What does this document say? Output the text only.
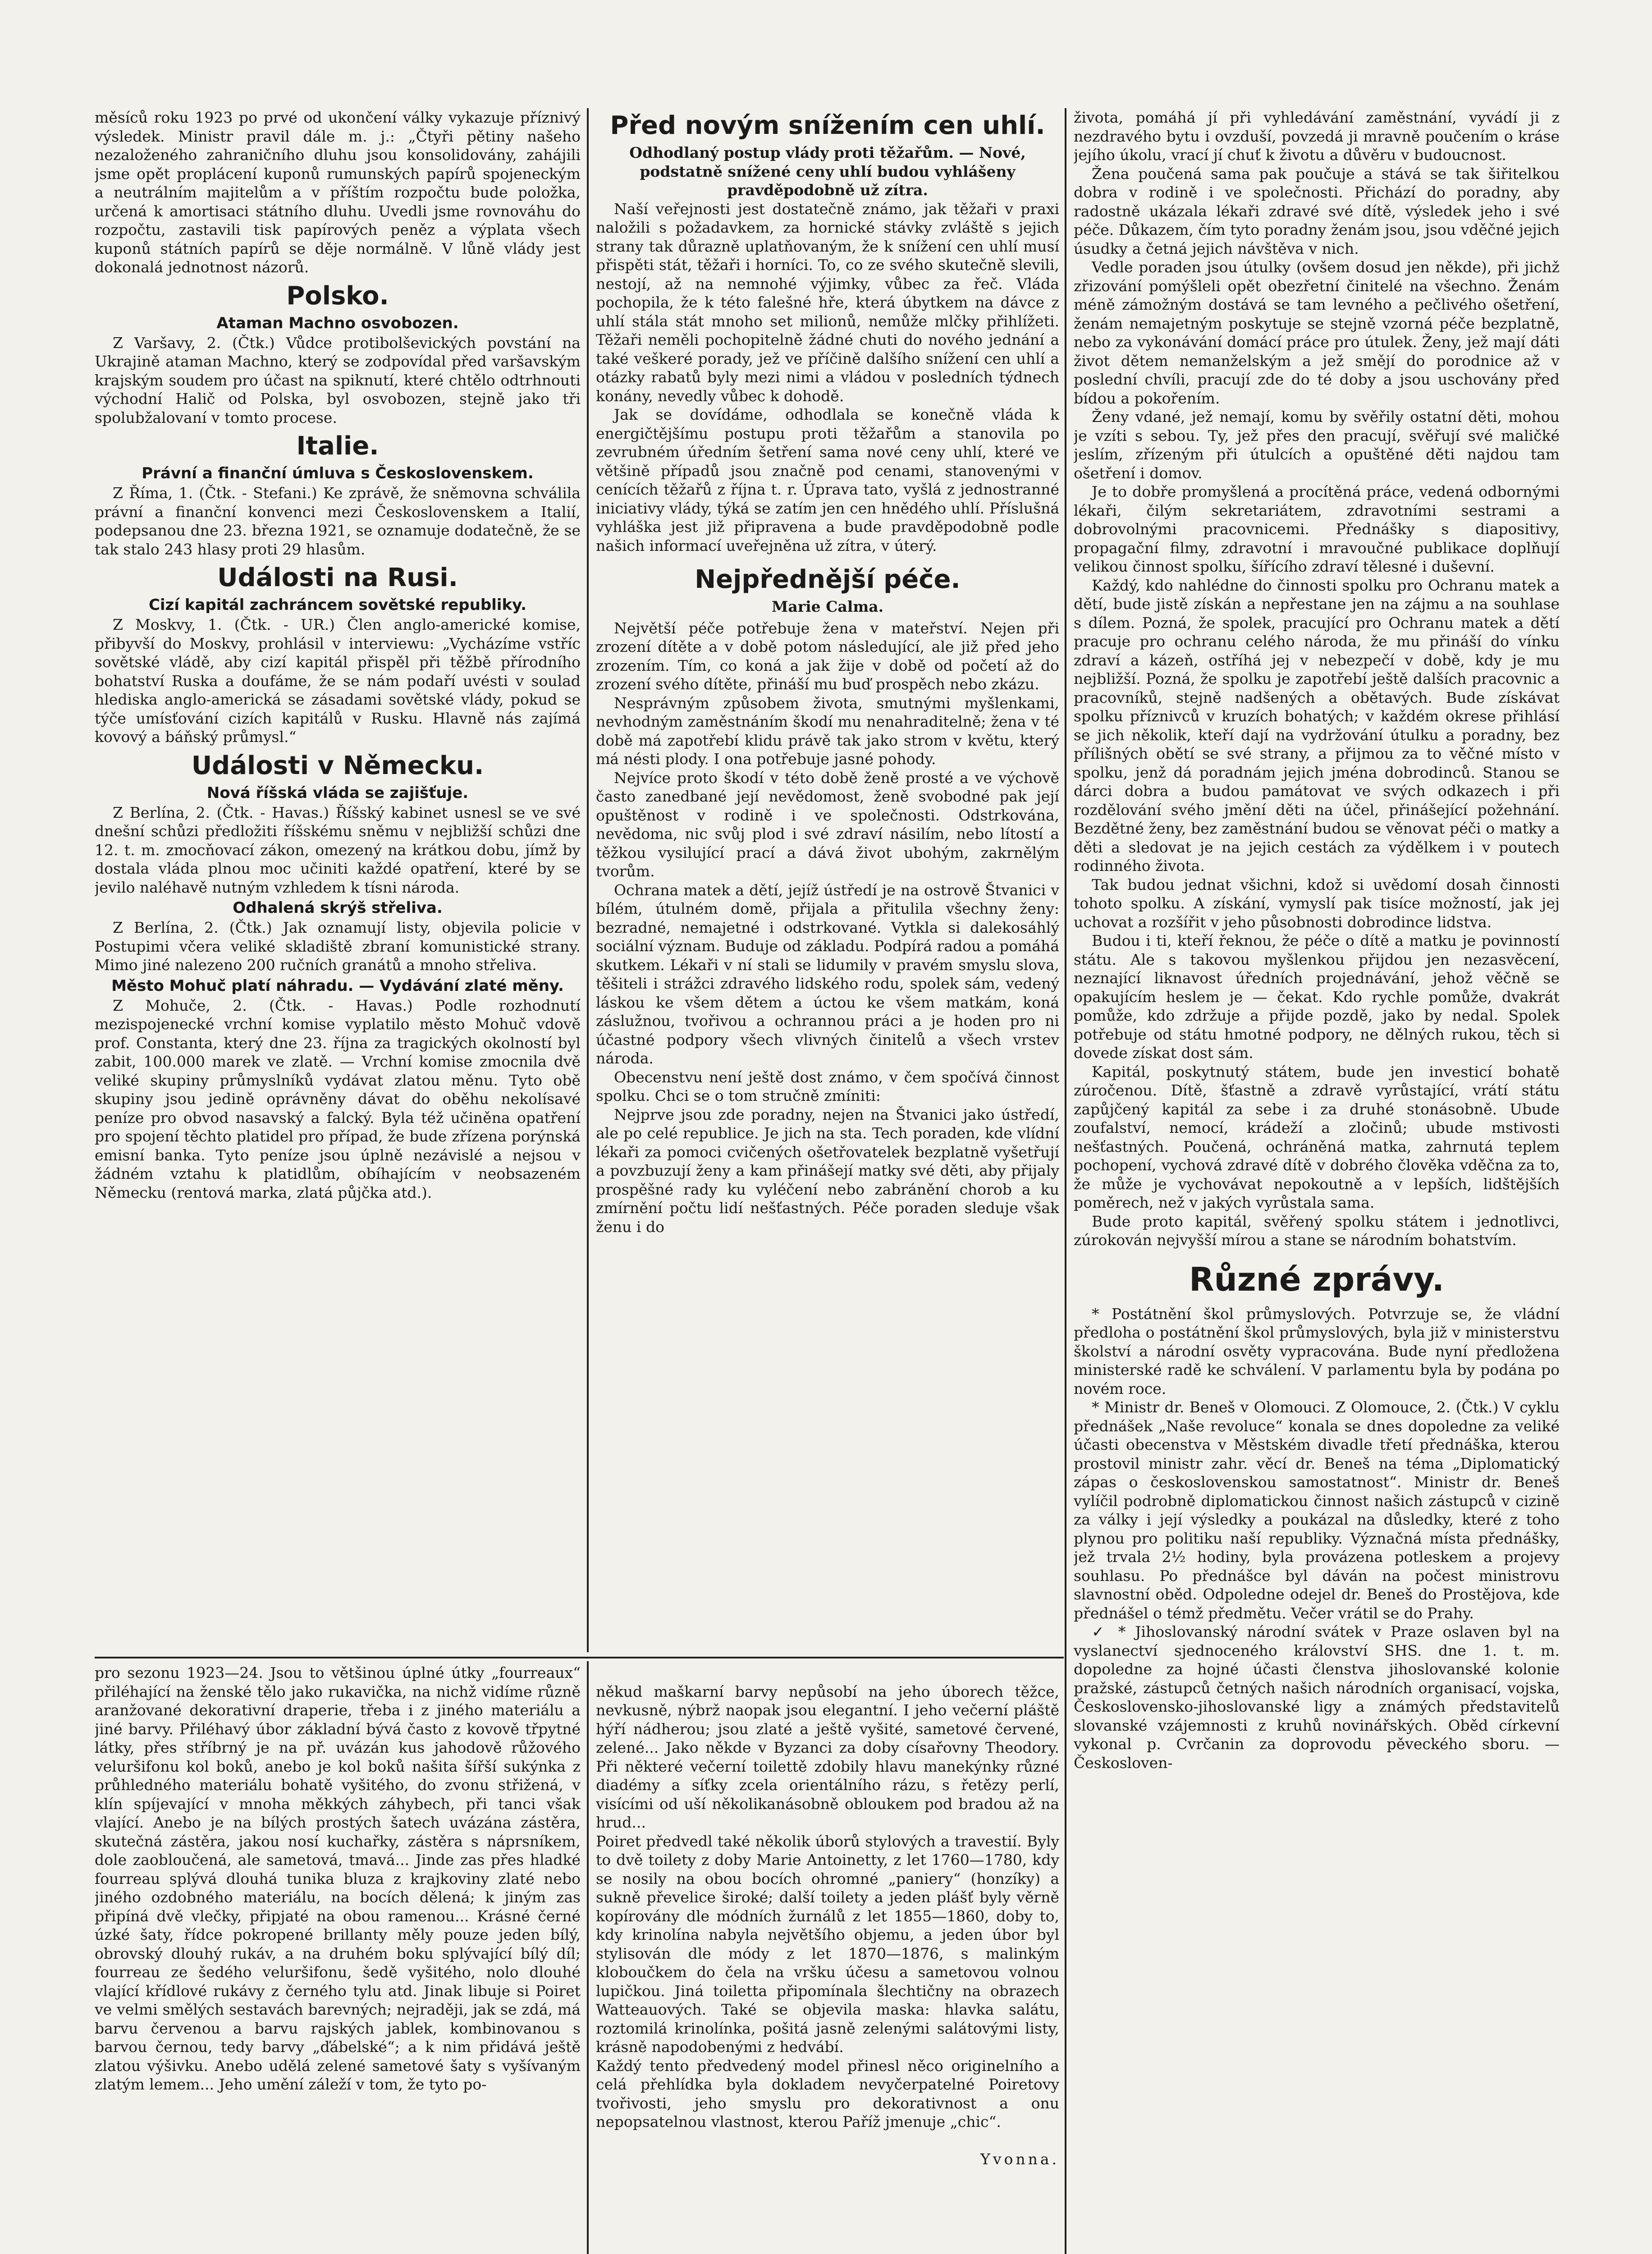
měsíců roku 1923 po prvé od ukončení války vykazuje příznivý výsledek. Ministr pravil dále m. j.: „Čtyři pětiny našeho nezaloženého zahraničního dluhu jsou konsolidovány, zahájili jsme opět proplácení kuponů rumunských papírů spojeneckým a neutrálním majitelům a v příštím rozpočtu bude položka, určená k amortisaci státního dluhu. Uvedli jsme rovnováhu do rozpočtu, zastavili tisk papírových peněz a výplata všech kuponů státních papírů se děje normálně. V lůně vlády jest dokonalá jednotnost názorů.

Polsko.
Ataman Machno osvobozen.

Z Varšavy, 2. (Čtk.) Vůdce protibolševických povstání na Ukrajině ataman Machno, který se zodpovídal před varšavským krajským soudem pro účast na spiknutí, které chtělo odtrhnouti východní Halič od Polska, byl osvobozen, stejně jako tři spolubžalovaní v tomto procese.

Italie.
Právní a finanční úmluva s Československem.

Z Říma, 1. (Čtk. - Stefani.) Ke zprávě, že sněmovna schválila právní a finanční konvenci mezi Československem a Italií, podepsanou dne 23. března 1921, se oznamuje dodatečně, že se tak stalo 243 hlasy proti 29 hlasům.

Události na Rusi.
Cizí kapitál zachráncem sovětské republiky.

Z Moskvy, 1. (Čtk. - UR.) Člen anglo-americké komise, přibyvší do Moskvy, prohlásil v interviewu: „Vycházíme vstříc sovětské vládě, aby cizí kapitál přispěl při těžbě přírodního bohatství Ruska a doufáme, že se nám podaří uvésti v soulad hlediska anglo-americká se zásadami sovětské vlády, pokud se týče umísťování cizích kapitálů v Rusku. Hlavně nás zajímá kovový a báňský průmysl.“

Události v Německu.
Nová říšská vláda se zajišťuje.

Z Berlína, 2. (Čtk. - Havas.) Říšský kabinet usnesl se ve své dnešní schůzi předložiti říšskému sněmu v nejbližší schůzi dne 12. t. m. zmocňovací zákon, omezený na krátkou dobu, jímž by dostala vláda plnou moc učiniti každé opatření, které by se jevilo naléhavě nutným vzhledem k tísni národa.

Odhalená skrýš střeliva.

Z Berlína, 2. (Čtk.) Jak oznamují listy, objevila policie v Postupimi včera veliké skladiště zbraní komunistické strany. Mimo jiné nalezeno 200 ručních granátů a mnoho střeliva.

Město Mohuč platí náhradu. — Vydávání zlaté měny.

Z Mohuče, 2. (Čtk. - Havas.) Podle rozhodnutí mezispojenecké vrchní komise vyplatilo město Mohuč vdově prof. Constanta, který dne 23. října za tragických okolností byl zabit, 100.000 marek ve zlatě. — Vrchní komise zmocnila dvě veliké skupiny průmyslníků vydávat zlatou měnu. Tyto obě skupiny jsou jedině oprávněny dávat do oběhu nekolísavé peníze pro obvod nasavský a falcký. Byla též učiněna opatření pro spojení těchto platidel pro případ, že bude zřízena porýnská emisní banka. Tyto peníze jsou úplně nezávislé a nejsou v žádném vztahu k platidlům, obíhajícím v neobsazeném Německu (rentová marka, zlatá půjčka atd.).

Před novým snížením cen uhlí.

Odhodlaný postup vlády proti těžařům. — Nové, podstatně snížené ceny uhlí budou vyhlášeny pravděpodobně už zítra.

Naší veřejnosti jest dostatečně známo, jak těžaři v praxi naložili s požadavkem, za hornické stávky zvláště s jejich strany tak důrazně uplatňovaným, že k snížení cen uhlí musí přispěti stát, těžaři i horníci. To, co ze svého skutečně slevili, nestojí, až na nemnohé výjimky, vůbec za řeč. Vláda pochopila, že k této falešné hře, která úbytkem na dávce z uhlí stála stát mnoho set milionů, nemůže mlčky přihlížeti. Těžaři neměli pochopitelně žádné chuti do nového jednání a také veškeré porady, jež ve příčině dalšího snížení cen uhlí a otázky rabatů byly mezi nimi a vládou v posledních týdnech konány, nevedly vůbec k dohodě.

Jak se dovídáme, odhodlala se konečně vláda k energičtějšímu postupu proti těžařům a stanovila po zevrubném úředním šetření sama nové ceny uhlí, které ve většině případů jsou značně pod cenami, stanovenými v cenících těžařů z října t. r. Úprava tato, vyšlá z jednostranné iniciativy vlády, týká se zatím jen cen hnědého uhlí. Příslušná vyhláška jest již připravena a bude pravděpodobně podle našich informací uveřejněna už zítra, v úterý.

Nejpřednější péče.
Marie Calma.

Největší péče potřebuje žena v mateřství. Nejen při zrození dítěte a v době potom následující, ale již před jeho zrozením. Tím, co koná a jak žije v době od početí až do zrození svého dítěte, přináší mu buď prospěch nebo zkázu.

Nesprávným způsobem života, smutnými myšlenkami, nevhodným zaměstnáním škodí mu nenahraditelně; žena v té době má zapotřebí klidu právě tak jako strom v květu, který má nésti plody. I ona potřebuje jasné pohody.

Nejvíce proto škodí v této době ženě prosté a ve výchově často zanedbané její nevědomost, ženě svobodné pak její opuštěnost v rodině i ve společnosti. Odstrkována, nevědoma, nic svůj plod i své zdraví násilím, nebo lítostí a těžkou vysilující prací a dává život ubohým, zakrnělým tvorům.

Ochrana matek a dětí, jejíž ústředí je na ostrově Štvanici v bílém, útulném domě, přijala a přitulila všechny ženy: bezradné, nemajetné i odstrkované. Vytkla si dalekosáhlý sociální význam. Buduje od základu. Podpírá radou a pomáhá skutkem. Lékaři v ní stali se lidumily v pravém smyslu slova, těšiteli i strážci zdravého lidského rodu, spolek sám, vedený láskou ke všem dětem a úctou ke všem matkám, koná záslužnou, tvořivou a ochrannou práci a je hoden pro ni účastné podpory všech vlivných činitelů a všech vrstev národa.

Obecenstvu není ještě dost známo, v čem spočívá činnost spolku. Chci se o tom stručně zmíniti:

Nejprve jsou zde poradny, nejen na Štvanici jako ústředí, ale po celé republice. Je jich na sta. Tech poraden, kde vlídní lékaři za pomoci cvičených ošetřovatelek bezplatně vyšetřují a povzbuzují ženy a kam přinášejí matky své děti, aby přijaly prospěšné rady ku vyléčení nebo zabránění chorob a ku zmírnění počtu lidí nešťastných. Péče poraden sleduje však ženu i do

života, pomáhá jí při vyhledávání zaměstnání, vyvádí ji z nezdravého bytu i ovzduší, povzedá ji mravně poučením o kráse jejího úkolu, vrací jí chuť k životu a důvěru v budoucnost.

Žena poučená sama pak poučuje a stává se tak šiřitelkou dobra v rodině i ve společnosti. Přichází do poradny, aby radostně ukázala lékaři zdravé své dítě, výsledek jeho i své péče. Důkazem, čím tyto poradny ženám jsou, jsou vděčné jejich úsudky a četná jejich návštěva v nich.

Vedle poraden jsou útulky (ovšem dosud jen někde), při jichž zřizování pomýšleli opět obezřetní činitelé na všechno. Ženám méně zámožným dostává se tam levného a pečlivého ošetření, ženám nemajetným poskytuje se stejně vzorná péče bezplatně, nebo za vykonávání domácí práce pro útulek. Ženy, jež mají dáti život dětem nemanželským a jež smějí do porodnice až v poslední chvíli, pracují zde do té doby a jsou uschovány před bídou a pokořením.

Ženy vdané, jež nemají, komu by svěřily ostatní děti, mohou je vzíti s sebou. Ty, jež přes den pracují, svěřují své maličké jeslím, zřízeným při útulcích a opuštěné děti najdou tam ošetření i domov.

Je to dobře promyšlená a procítěná práce, vedená odbornými lékaři, čilým sekretariátem, zdravotními sestrami a dobrovolnými pracovnicemi. Přednášky s diapositivy, propagační filmy, zdravotní i mravoučné publikace doplňují velikou činnost spolku, šířícího zdraví tělesné i duševní.

Každý, kdo nahlédne do činnosti spolku pro Ochranu matek a dětí, bude jistě získán a nepřestane jen na zájmu a na souhlase s dílem. Pozná, že spolek, pracující pro Ochranu matek a dětí pracuje pro ochranu celého národa, že mu přináší do vínku zdraví a kázeň, ostříhá jej v nebezpečí v době, kdy je mu nejbližší. Pozná, že spolku je zapotřebí ještě dalších pracovnic a pracovníků, stejně nadšených a obětavých. Bude získávat spolku příznivců v kruzích bohatých; v každém okrese přihlásí se jich několik, kteří dají na vydržování útulku a poradny, bez přílišných obětí se své strany, a přijmou za to věčné místo v spolku, jenž dá poradnám jejich jména dobrodinců. Stanou se dárci dobra a budou památovat ve svých odkazech i při rozdělování svého jmění děti na účel, přinášející požehnání. Bezdětné ženy, bez zaměstnání budou se věnovat péči o matky a děti a sledovat je na jejich cestách za výdělkem i v poutech rodinného života.

Tak budou jednat všichni, kdož si uvědomí dosah činnosti tohoto spolku. A získání, vymyslí pak tisíce možností, jak jej uchovat a rozšířit v jeho působnosti dobrodince lidstva.

Budou i ti, kteří řeknou, že péče o dítě a matku je povinností státu. Ale s takovou myšlenkou přijdou jen nezasvěcení, neznající liknavost úředních projednávání, jehož věčně se opakujícím heslem je — čekat. Kdo rychle pomůže, dvakrát pomůže, kdo zdržuje a přijde pozdě, jako by nedal. Spolek potřebuje od státu hmotné podpory, ne dělných rukou, těch si dovede získat dost sám.

Kapitál, poskytnutý státem, bude jen investicí bohatě zúročenou. Dítě, šťastně a zdravě vyrůstající, vrátí státu zapůjčený kapitál za sebe i za druhé stonásobně. Ubude zoufalství, nemocí, krádeží a zločinů; ubude mstivosti nešťastných. Poučená, ochráněná matka, zahrnutá teplem pochopení, vychová zdravé dítě v dobrého člověka vděčna za to, že může je vychovávat nepokoutně a v lepších, lidštějších poměrech, než v jakých vyrůstala sama.

Bude proto kapitál, svěřený spolku státem i jednotlivci, zúrokován nejvyšší mírou a stane se národním bohatstvím.

Různé zprávy.

* Postátnění škol průmyslových. Potvrzuje se, že vládní předloha o postátnění škol průmyslových, byla již v ministerstvu školství a národní osvěty vypracována. Bude nyní předložena ministerské radě ke schválení. V parlamentu byla by podána po novém roce.

* Ministr dr. Beneš v Olomouci. Z Olomouce, 2. (Čtk.) V cyklu přednášek „Naše revoluce“ konala se dnes dopoledne za veliké účasti obecenstva v Městském divadle třetí přednáška, kterou prostovil ministr zahr. věcí dr. Beneš na téma „Diplomatický zápas o československou samostatnost“. Ministr dr. Beneš vylíčil podrobně diplomatickou činnost našich zástupců v cizině za války i její výsledky a poukázal na důsledky, které z toho plynou pro politiku naší republiky. Význačná místa přednášky, jež trvala 2½ hodiny, byla provázena potleskem a projevy souhlasu. Po přednášce byl dáván na počest ministrovu slavnostní oběd. Odpoledne odejel dr. Beneš do Prostějova, kde přednášel o témž předmětu. Večer vrátil se do Prahy.

✓ * Jihoslovanský národní svátek v Praze oslaven byl na vyslanectví sjednoceného království SHS. dne 1. t. m. dopoledne za hojné účasti členstva jihoslovanské kolonie pražské, zástupců četných našich národních organisací, vojska, Československo-jihoslovanské ligy a známých představitelů slovanské vzájemnosti z kruhů novinářských. Oběd církevní vykonal p. Cvrčanin za doprovodu pěveckého sboru. — Českosloven-

pro sezonu 1923—24. Jsou to většinou úplné útky „fourreaux“ přiléhající na ženské tělo jako rukavička, na nichž vidíme různě aranžované dekorativní draperie, třeba i z jiného materiálu a jiné barvy. Přiléhavý úbor základní bývá často z kovově třpytné látky, přes stříbrný je na př. uvázán kus jahodově růžového veluršifonu kol boků, anebo je kol boků našita šířší sukýnka z průhledného materiálu bohatě vyšitého, do zvonu střižená, v klín spíjevající v mnoha měkkých záhybech, při tanci však vlající. Anebo je na bílých prostých šatech uvázána zástěra, skutečná zástěra, jakou nosí kuchařky, zástěra s náprsníkem, dole zaobloučená, ale sametová, tmavá... Jinde zas přes hladké fourreau splývá dlouhá tunika bluza z krajkoviny zlaté nebo jiného ozdobného materiálu, na bocích dělená; k jiným zas připíná dvě vlečky, připjaté na obou ramenou... Krásné černé úzké šaty, řídce pokropené brillanty měly pouze jeden bílý, obrovský dlouhý rukáv, a na druhém boku splývající bílý díl; fourreau ze šedého veluršifonu, šedě vyšitého, nolo dlouhé vlající křídlové rukávy z černého tylu atd. Jinak libuje si Poiret ve velmi smělých sestavách barevných; nejraději, jak se zdá, má barvu červenou a barvu rajských jablek, kombinovanou s barvou černou, tedy barvy „ďábelské“; a k nim přidává ještě zlatou výšivku. Anebo udělá zelené sametové šaty s vyšívaným zlatým lemem... Jeho umění záleží v tom, že tyto po-

někud maškarní barvy nepůsobí na jeho úborech těžce, nevkusně, nýbrž naopak jsou elegantní. I jeho večerní pláště hýří nádherou; jsou zlaté a ještě vyšité, sametové červené, zelené... Jako někde v Byzanci za doby císařovny Theodory. Při některé večerní toilettě zdobily hlavu manekýnky různé diadémy a síťky zcela orientálního rázu, s řetězy perlí, visícími od uší několikanásobně obloukem pod bradou až na hrud...
Poiret předvedl také několik úborů stylových a travestií. Byly to dvě toilety z doby Marie Antoinetty, z let 1760—1780, kdy se nosily na obou bocích ohromné „paniery“ (honzíky) a sukně převelice široké; další toilety a jeden plášť byly věrně kopírovány dle módních žurnálů z let 1855—1860, doby to, kdy krinolína nabyla největšího objemu, a jeden úbor byl stylisován dle módy z let 1870—1876, s malinkým kloboučkem do čela na vršku účesu a sametovou volnou lupičkou. Jiná toiletta připomínala šlechtičny na obrazech Watteauových. Také se objevila maska: hlavka salátu, roztomilá krinolínka, pošitá jasně zelenými salátovými listy, krásně napodobenými z hedvábí.
Každý tento předvedený model přinesl něco originelního a celá přehlídka byla dokladem nevyčerpatelné Poiretovy tvořivosti, jeho smyslu pro dekorativnost a onu nepopsatelnou vlastnost, kterou Paříž jmenuje „chic“.

Yvonna.
